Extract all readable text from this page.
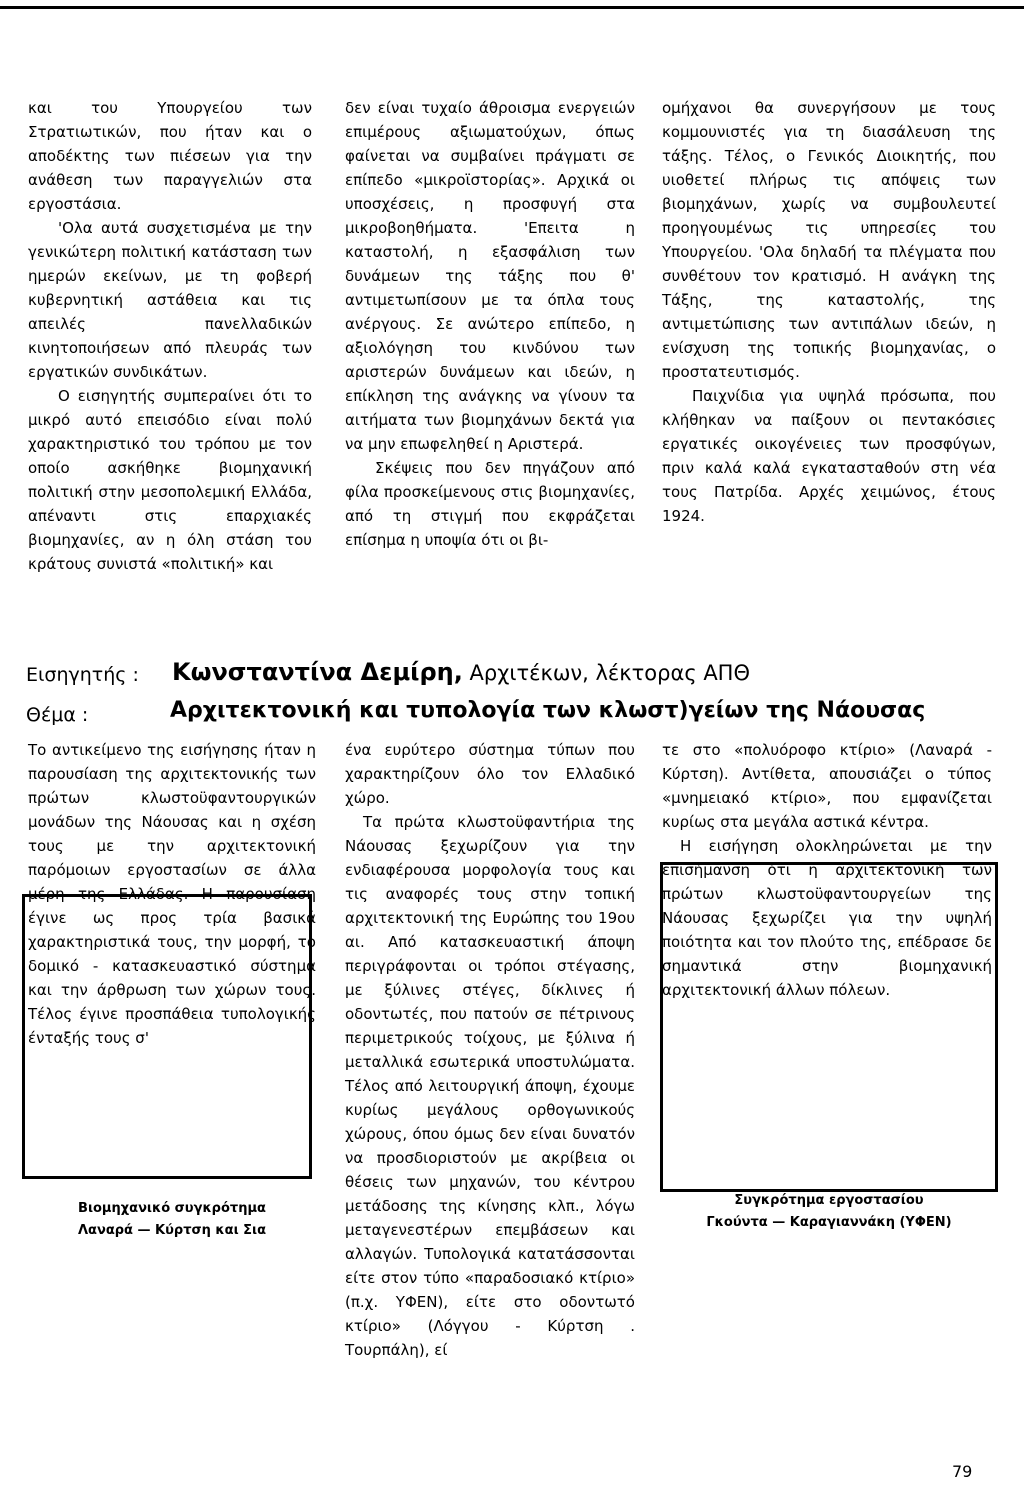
και του Υπουργείου των Στρατιωτικών, που ήταν και ο αποδέκτης των πιέσεων για την ανάθεση των παραγγελιών στα εργοστάσια.

'Ολα αυτά συσχετισμένα με την γενικώτερη πολιτική κατάσταση των ημερών εκείνων, με τη φοβερή κυβερνητική αστάθεια και τις απειλές πανελλαδικών κινητοποιήσεων από πλευράς των εργατικών συνδικάτων.

Ο εισηγητής συμπεραίνει ότι το μικρό αυτό επεισόδιο είναι πολύ χαρακτηριστικό του τρόπου με τον οποίο ασκήθηκε βιομηχανική πολιτική στην μεσοπολεμική Ελλάδα, απέναντι στις επαρχιακές βιομηχανίες, αν η όλη στάση του κράτους συνιστά «πολιτική» και

δεν είναι τυχαίο άθροισμα ενεργειών επιμέρους αξιωματούχων, όπως φαίνεται να συμβαίνει πράγματι σε επίπεδο «μικροϊστορίας». Αρχικά οι υποσχέσεις, η προσφυγή στα μικροβοηθήματα. 'Επειτα η καταστολή, η εξασφάλιση των δυνάμεων της τάξης που θ' αντιμετωπίσουν με τα όπλα τους ανέργους. Σε ανώτερο επίπεδο, η αξιολόγηση του κινδύνου των αριστερών δυνάμεων και ιδεών, η επίκληση της ανάγκης να γίνουν τα αιτήματα των βιομηχάνων δεκτά για να μην επωφεληθεί η Αριστερά.

Σκέψεις που δεν πηγάζουν από φίλα προσκείμενους στις βιομηχανίες, από τη στιγμή που εκφράζεται επίσημα η υποψία ότι οι βι-

ομήχανοι θα συνεργήσουν με τους κομμουνιστές για τη διασάλευση της τάξης. Τέλος, ο Γενικός Διοικητής, που υιοθετεί πλήρως τις απόψεις των βιομηχάνων, χωρίς να συμβουλευτεί προηγουμένως τις υπηρεσίες του Υπουργείου. 'Ολα δηλαδή τα πλέγματα που συνθέτουν τον κρατισμό. Η ανάγκη της Τάξης, της καταστολής, της αντιμετώπισης των αντιπάλων ιδεών, η ενίσχυση της τοπικής βιομηχανίας, ο προστατευτισμός.

Παιχνίδια για υψηλά πρόσωπα, που κλήθηκαν να παίξουν οι πεντακόσιες εργατικές οικογένειες των προσφύγων, πριν καλά καλά εγκατασταθούν στη νέα τους Πατρίδα. Αρχές χειμώνος, έτους 1924.

Εισηγητής : Κωνσταντίνα Δεμίρη, Αρχιτέκων, λέκτορας ΑΠΘ
Θέμα :	Αρχιτεκτονική και τυπολογία των κλωστ)γείων της Νάουσας

Το αντικείμενο της εισήγησης ήταν η παρουσίαση της αρχιτεκτονικής των πρώτων κλωστοϋφαντουργικών μονάδων της Νάουσας και η σχέση τους με την αρχιτεκτονική παρόμοιων εργοστασίων σε άλλα μέρη της Ελλάδας. Η παρουσίαση έγινε ως προς τρία βασικά χαρακτηριστικά τους, την μορφή, το δομικό - κατασκευαστικό σύστημα και την άρθρωση των χώρων τους. Τέλος έγινε προσπάθεια τυπολογικής ένταξής τους σ'

ένα ευρύτερο σύστημα τύπων που χαρακτηρίζουν όλο τον Ελλαδικό χώρο.

Τα πρώτα κλωστοϋφαντήρια της Νάουσας ξεχωρίζουν για την ενδιαφέρουσα μορφολογία τους και τις αναφορές τους στην τοπική αρχιτεκτονική της Ευρώπης του 19ου αι. Από κατασκευαστική άποψη περιγράφονται οι τρόποι στέγασης, με ξύλινες στέγες, δίκλινες ή οδοντωτές, που πατούν σε πέτρινους περιμετρικούς τοίχους, με ξύλινα ή μεταλλικά εσωτερικά υποστυλώματα. Τέλος από λειτουργική άποψη, έχουμε κυρίως μεγάλους ορθογωνικούς χώρους, όπου όμως δεν είναι δυνατόν να προσδιοριστούν με ακρίβεια οι θέσεις των μηχανών, του κέντρου μετάδοσης της κίνησης κλπ., λόγω μεταγενεστέρων επεμβάσεων και αλλαγών. Τυπολογικά κατατάσσονται είτε στον τύπο «παραδοσιακό κτίριο» (π.χ. ΥΦΕΝ), είτε στο οδοντωτό κτίριο» (Λόγγου - Κύρτση . Τουρπάλη), εί

τε στο «πολυόροφο κτίριο» (Λαναρά - Κύρτση). Αντίθετα, απουσιάζει ο τύπος «μνημειακό κτίριο», που εμφανίζεται κυρίως στα μεγάλα αστικά κέντρα.

Η εισήγηση ολοκληρώνεται με την επισήμανση ότι η αρχιτεκτονική των πρώτων κλωστοϋφαντουργείων της Νάουσας ξεχωρίζει για την υψηλή ποιότητα και τον πλούτο της, επέδρασε δε σημαντικά στην βιομηχανική αρχιτεκτονική άλλων πόλεων.

Βιομηχανικό συγκρότημα
Λαναρά — Κύρτση και Σια
Συγκρότημα εργοστασίου
Γκούντα — Καραγιαννάκη (ΥΦΕΝ)
79
